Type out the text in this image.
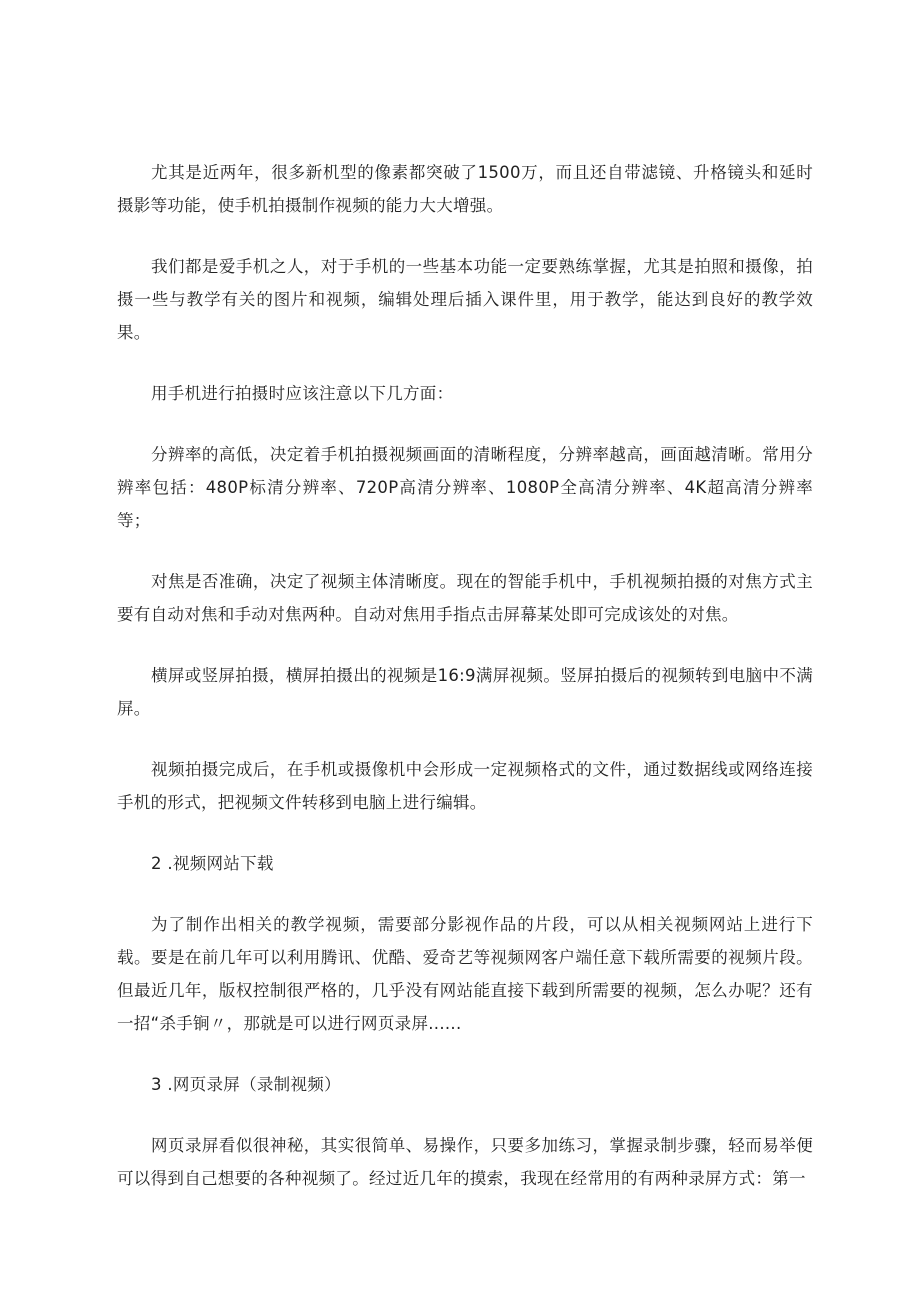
尤其是近两年，很多新机型的像素都突破了1500万，而且还自带滤镜、升格镜头和延时摄影等功能，使手机拍摄制作视频的能力大大增强。

我们都是爱手机之人，对于手机的一些基本功能一定要熟练掌握，尤其是拍照和摄像，拍摄一些与教学有关的图片和视频，编辑处理后插入课件里，用于教学，能达到良好的教学效果。

用手机进行拍摄时应该注意以下几方面：

分辨率的高低，决定着手机拍摄视频画面的清晰程度，分辨率越高，画面越清晰。常用分辨率包括：480P标清分辨率、720P高清分辨率、1080P全高清分辨率、4K超高清分辨率等；

对焦是否准确，决定了视频主体清晰度。现在的智能手机中，手机视频拍摄的对焦方式主要有自动对焦和手动对焦两种。自动对焦用手指点击屏幕某处即可完成该处的对焦。

横屏或竖屏拍摄，横屏拍摄出的视频是16:9满屏视频。竖屏拍摄后的视频转到电脑中不满屏。

视频拍摄完成后，在手机或摄像机中会形成一定视频格式的文件，通过数据线或网络连接手机的形式，把视频文件转移到电脑上进行编辑。

2 .视频网站下载

为了制作出相关的教学视频，需要部分影视作品的片段，可以从相关视频网站上进行下载。要是在前几年可以利用腾讯、优酷、爱奇艺等视频网客户端任意下载所需要的视频片段。但最近几年，版权控制很严格的，几乎没有网站能直接下载到所需要的视频，怎么办呢？还有一招“杀手锏〃，那就是可以进行网页录屏......

3 .网页录屏（录制视频）

网页录屏看似很神秘，其实很简单、易操作，只要多加练习，掌握录制步骤，轻而易举便可以得到自己想要的各种视频了。经过近几年的摸索，我现在经常用的有两种录屏方式：第一
